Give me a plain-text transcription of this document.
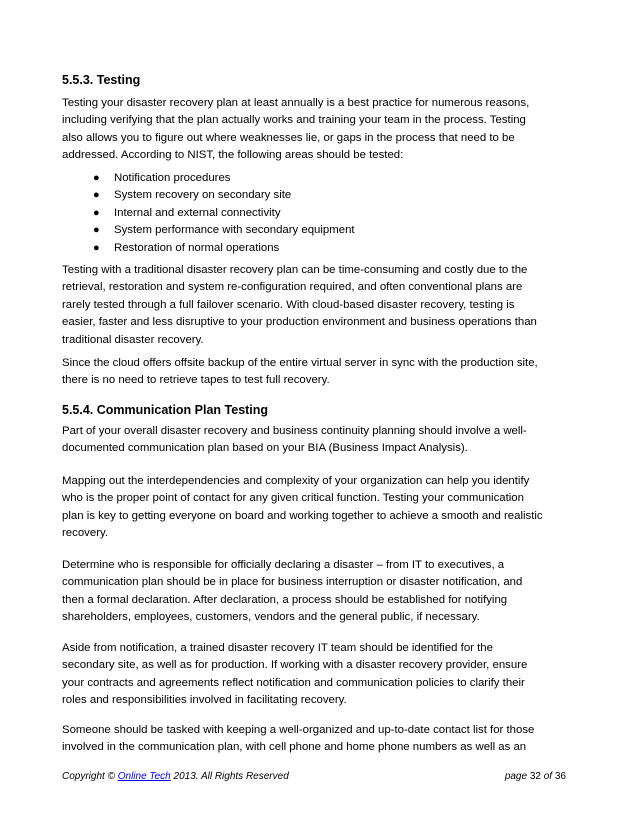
5.5.3. Testing

Testing your disaster recovery plan at least annually is a best practice for numerous reasons,
including verifying that the plan actually works and training your team in the process. Testing
also allows you to figure out where weaknesses lie, or gaps in the process that need to be
addressed. According to NIST, the following areas should be tested:

● Notification procedures
● System recovery on secondary site
● Internal and external connectivity
● System performance with secondary equipment
● Restoration of normal operations

Testing with a traditional disaster recovery plan can be time-consuming and costly due to the
retrieval, restoration and system re-configuration required, and often conventional plans are
rarely tested through a full failover scenario. With cloud-based disaster recovery, testing is
easier, faster and less disruptive to your production environment and business operations than
traditional disaster recovery.

Since the cloud offers offsite backup of the entire virtual server in sync with the production site,
there is no need to retrieve tapes to test full recovery.

5.5.4. Communication Plan Testing

Part of your overall disaster recovery and business continuity planning should involve a well-
documented communication plan based on your BIA (Business Impact Analysis).

Mapping out the interdependencies and complexity of your organization can help you identify
who is the proper point of contact for any given critical function. Testing your communication
plan is key to getting everyone on board and working together to achieve a smooth and realistic
recovery.

Determine who is responsible for officially declaring a disaster – from IT to executives, a
communication plan should be in place for business interruption or disaster notification, and
then a formal declaration. After declaration, a process should be established for notifying
shareholders, employees, customers, vendors and the general public, if necessary.

Aside from notification, a trained disaster recovery IT team should be identified for the
secondary site, as well as for production. If working with a disaster recovery provider, ensure
your contracts and agreements reflect notification and communication policies to clarify their
roles and responsibilities involved in facilitating recovery.

Someone should be tasked with keeping a well-organized and up-to-date contact list for those
involved in the communication plan, with cell phone and home phone numbers as well as an

Copyright © Online Tech 2013. All Rights Reserved	page 32 of 36
